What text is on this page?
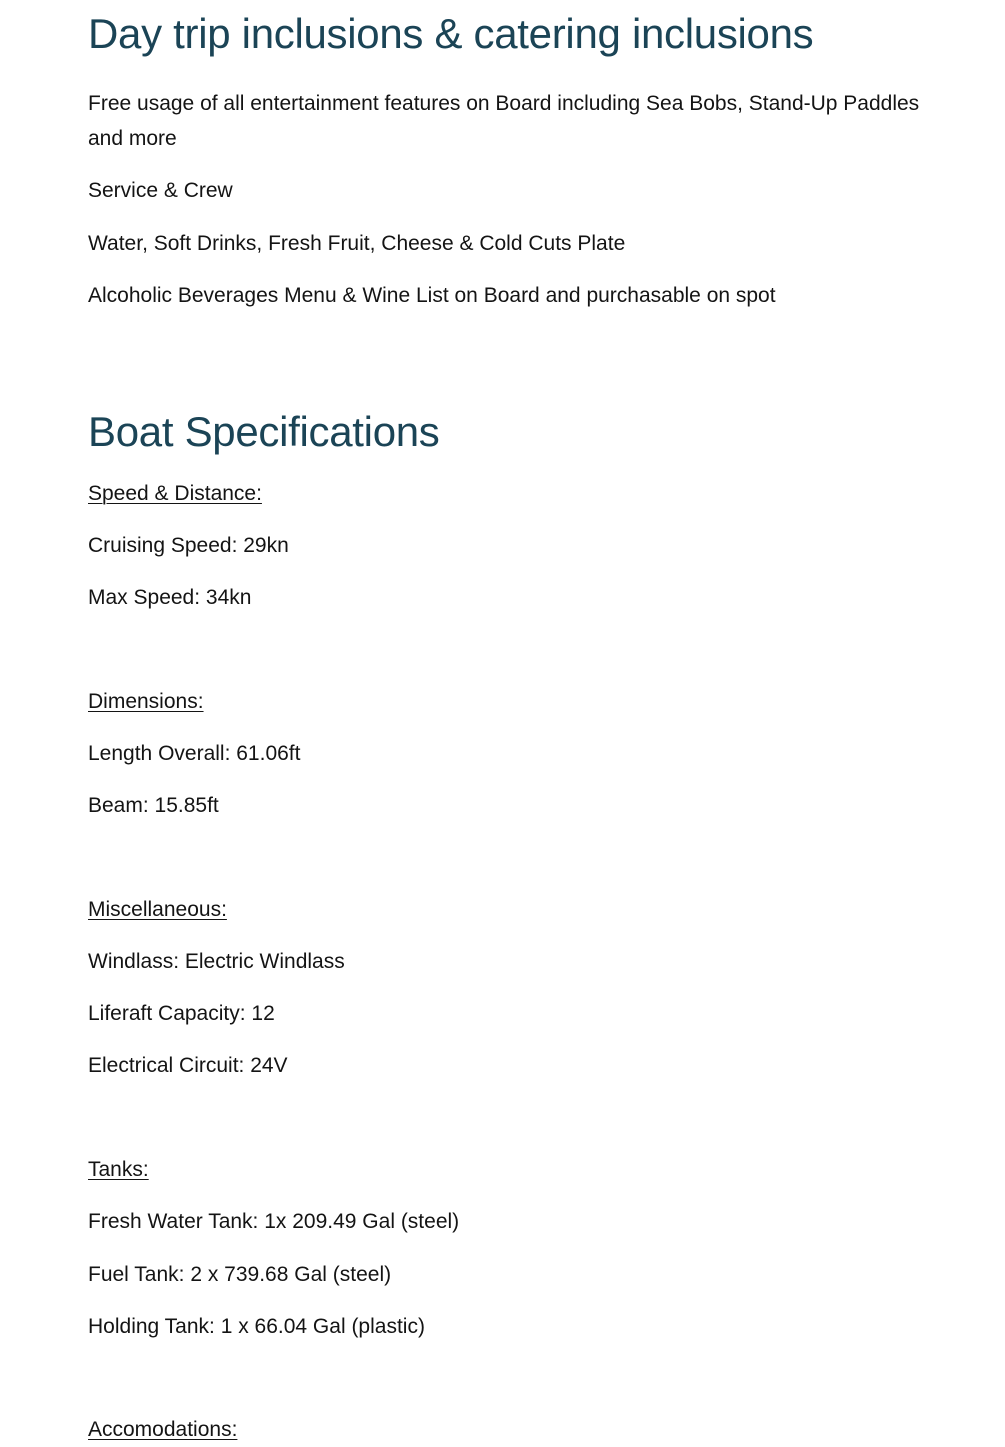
Day trip inclusions & catering inclusions

Free usage of all entertainment features on Board including Sea Bobs, Stand-Up Paddles and more

Service & Crew

Water, Soft Drinks, Fresh Fruit, Cheese & Cold Cuts Plate

Alcoholic Beverages Menu & Wine List on Board and purchasable on spot

Boat Specifications

Speed & Distance:

Cruising Speed: 29kn

Max Speed: 34kn

Dimensions:

Length Overall: 61.06ft

Beam: 15.85ft

Miscellaneous:

Windlass: Electric Windlass

Liferaft Capacity: 12

Electrical Circuit: 24V

Tanks:

Fresh Water Tank: 1x 209.49 Gal (steel)

Fuel Tank: 2 x 739.68 Gal (steel)

Holding Tank: 1 x 66.04 Gal (plastic)

Accomodations:
